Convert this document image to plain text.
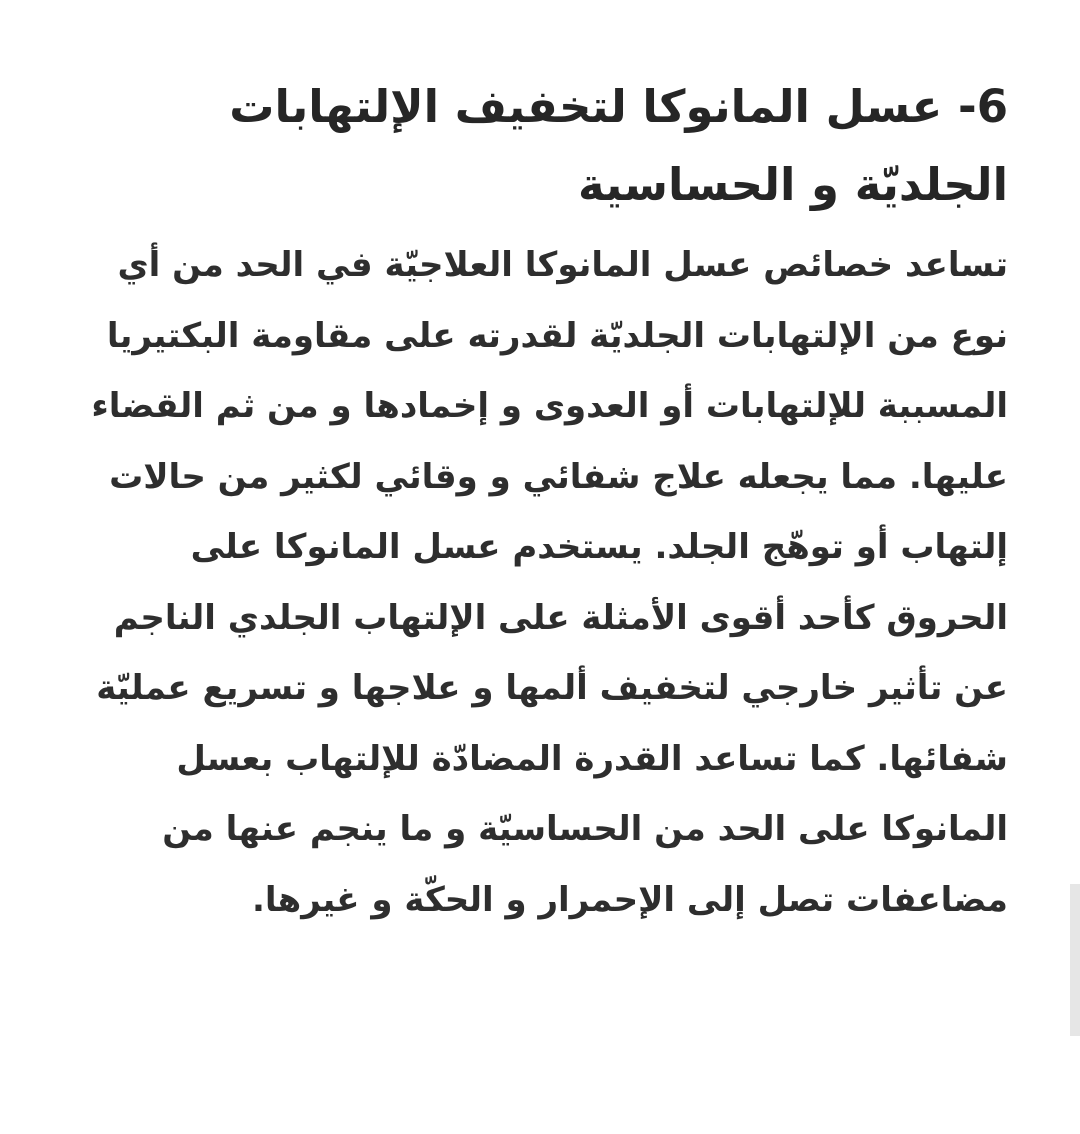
6- عسل المانوكا لتخفيف الإلتهابات الجلديّة و الحساسية

تساعد خصائص عسل المانوكا العلاجيّة في الحد من أي نوع من الإلتهابات الجلديّة لقدرته على مقاومة البكتيريا المسببة للإلتهابات أو العدوى و إخمادها و من ثم القضاء عليها. مما يجعله علاج شفائي و وقائي لكثير من حالات إلتهاب أو توهّج الجلد. يستخدم عسل المانوكا على الحروق كأحد أقوى الأمثلة على الإلتهاب الجلدي الناجم عن تأثير خارجي لتخفيف ألمها و علاجها و تسريع عمليّة شفائها. كما تساعد القدرة المضادّة للإلتهاب بعسل المانوكا على الحد من الحساسيّة و ما ينجم عنها من مضاعفات تصل إلى الإحمرار و الحكّة و غيرها.
